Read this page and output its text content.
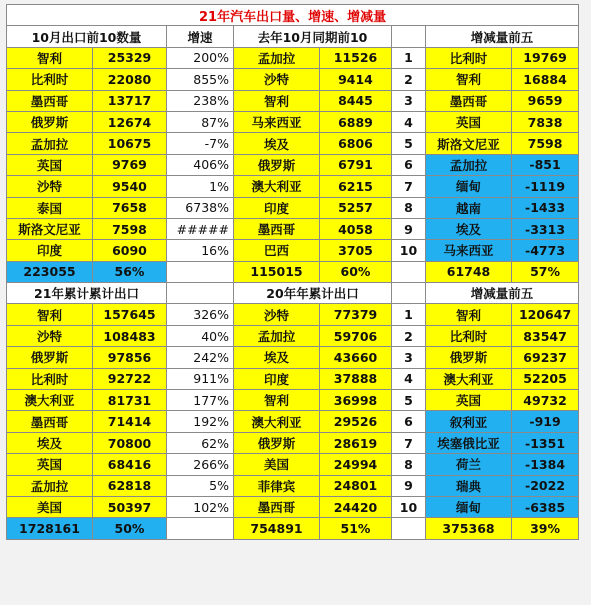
21年汽车出口量、增速、增减量							
10月出口前10数量		增速	去年10月同期前10			增减量前五	
智利	25329	200%	孟加拉	11526	1	比利时	19769
比利时	22080	855%	沙特	9414	2	智利	16884
墨西哥	13717	238%	智利	8445	3	墨西哥	9659
俄罗斯	12674	87%	马来西亚	6889	4	英国	7838
孟加拉	10675	-7%	埃及	6806	5	斯洛文尼亚	7598
英国	9769	406%	俄罗斯	6791	6	孟加拉	-851
沙特	9540	1%	澳大利亚	6215	7	缅甸	-1119
泰国	7658	6738%	印度	5257	8	越南	-1433
斯洛文尼亚	7598	#####	墨西哥	4058	9	埃及	-3313
印度	6090	16%	巴西	3705	10	马来西亚	-4773
223055	56%		115015	60%		61748	57%
21年累计累计出口			20年年累计出口			增减量前五	
智利	157645	326%	沙特	77379	1	智利	120647
沙特	108483	40%	孟加拉	59706	2	比利时	83547
俄罗斯	97856	242%	埃及	43660	3	俄罗斯	69237
比利时	92722	911%	印度	37888	4	澳大利亚	52205
澳大利亚	81731	177%	智利	36998	5	英国	49732
墨西哥	71414	192%	澳大利亚	29526	6	叙利亚	-919
埃及	70800	62%	俄罗斯	28619	7	埃塞俄比亚	-1351
英国	68416	266%	美国	24994	8	荷兰	-1384
孟加拉	62818	5%	菲律宾	24801	9	瑞典	-2022
美国	50397	102%	墨西哥	24420	10	缅甸	-6385
1728161	50%		754891	51%		375368	39%
